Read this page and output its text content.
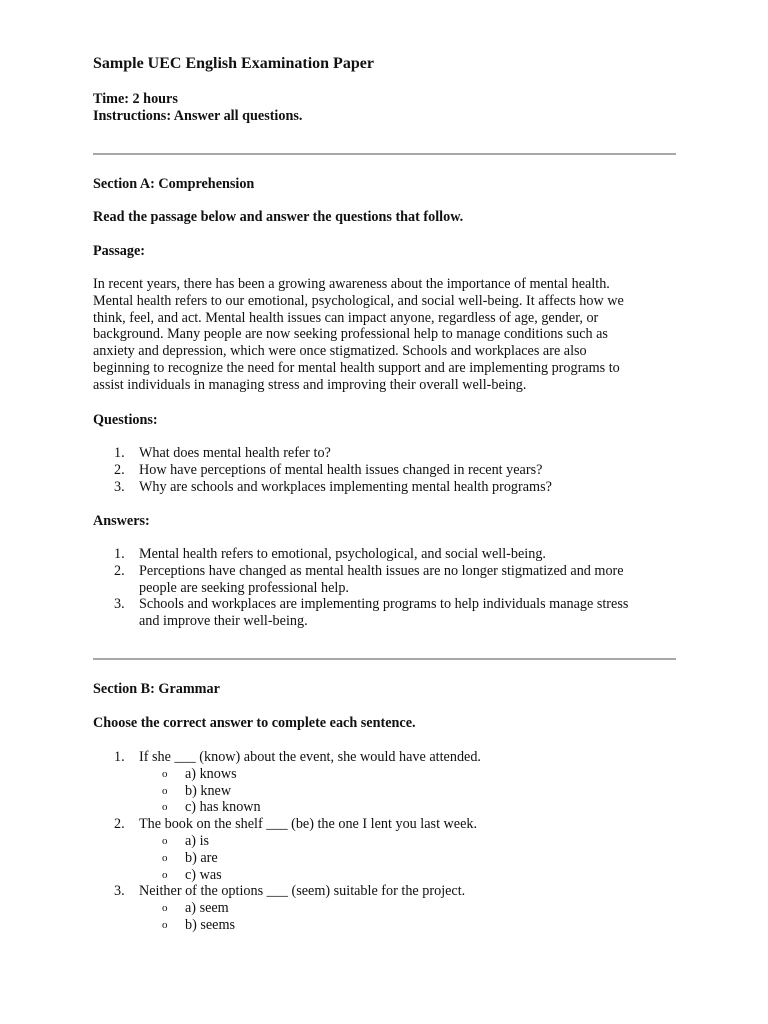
Sample UEC English Examination Paper
Time: 2 hours
Instructions: Answer all questions.
Section A: Comprehension
Read the passage below and answer the questions that follow.
Passage:
In recent years, there has been a growing awareness about the importance of mental health.
Mental health refers to our emotional, psychological, and social well-being. It affects how we
think, feel, and act. Mental health issues can impact anyone, regardless of age, gender, or
background. Many people are now seeking professional help to manage conditions such as
anxiety and depression, which were once stigmatized. Schools and workplaces are also
beginning to recognize the need for mental health support and are implementing programs to
assist individuals in managing stress and improving their overall well-being.
Questions:
1. What does mental health refer to?
2. How have perceptions of mental health issues changed in recent years?
3. Why are schools and workplaces implementing mental health programs?
Answers:
1. Mental health refers to emotional, psychological, and social well-being.
2. Perceptions have changed as mental health issues are no longer stigmatized and more
people are seeking professional help.
3. Schools and workplaces are implementing programs to help individuals manage stress
and improve their well-being.
Section B: Grammar
Choose the correct answer to complete each sentence.
1. If she ___ (know) about the event, she would have attended.
o a) knows
o b) knew
o c) has known
2. The book on the shelf ___ (be) the one I lent you last week.
o a) is
o b) are
o c) was
3. Neither of the options ___ (seem) suitable for the project.
o a) seem
o b) seems
